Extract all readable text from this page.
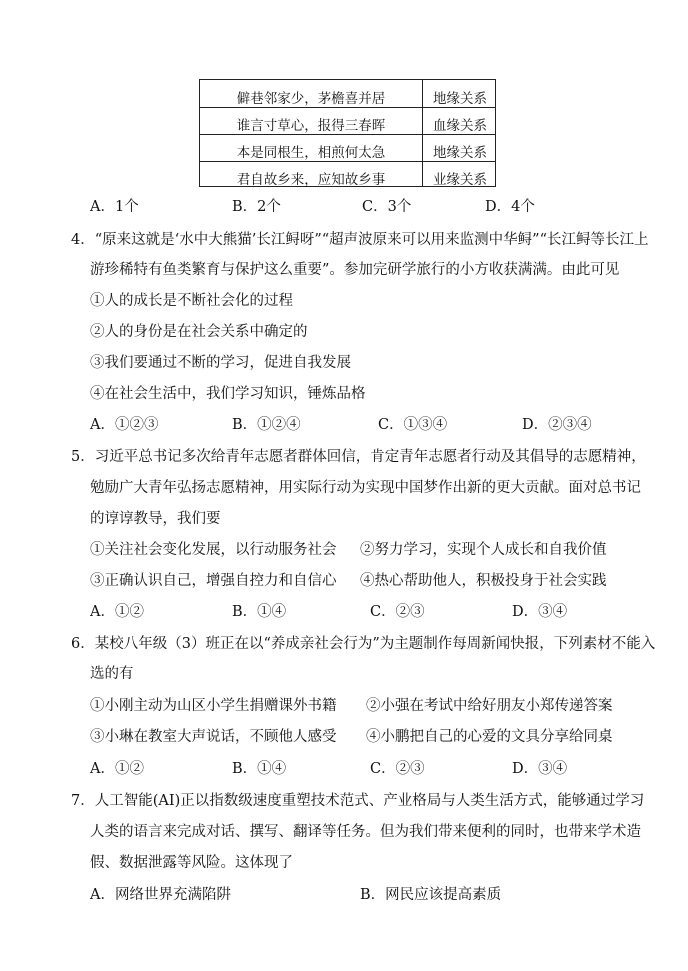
僻巷邻家少，茅檐喜并居	地缘关系
谁言寸草心，报得三春晖	血缘关系
本是同根生，相煎何太急	地缘关系
君自故乡来，应知故乡事	业缘关系
A．1个	B．2个	C．3个	D．4个
4．“原来这就是‘水中大熊猫’长江鲟呀”“超声波原来可以用来监测中华鲟”“长江鲟等长江上
游珍稀特有鱼类繁育与保护这么重要”。参加完研学旅行的小方收获满满。由此可见
①人的成长是不断社会化的过程
②人的身份是在社会关系中确定的
③我们要通过不断的学习，促进自我发展
④在社会生活中，我们学习知识，锤炼品格
A．①②③	B．①②④	C．①③④	D．②③④
5．习近平总书记多次给青年志愿者群体回信，肯定青年志愿者行动及其倡导的志愿精神，
勉励广大青年弘扬志愿精神，用实际行动为实现中国梦作出新的更大贡献。面对总书记
的谆谆教导，我们要
①关注社会变化发展，以行动服务社会 ②努力学习，实现个人成长和自我价值
③正确认识自己，增强自控力和自信心 ④热心帮助他人，积极投身于社会实践
A．①②	B．①④	C．②③	D．③④
6．某校八年级（3）班正在以“养成亲社会行为”为主题制作每周新闻快报，下列素材不能入
选的有
①小刚主动为山区小学生捐赠课外书籍 ②小强在考试中给好朋友小郑传递答案
③小琳在教室大声说话，不顾他人感受 ④小鹏把自己的心爱的文具分享给同桌
A．①②	B．①④	C．②③	D．③④
7．人工智能(AI)正以指数级速度重塑技术范式、产业格局与人类生活方式，能够通过学习
人类的语言来完成对话、撰写、翻译等任务。但为我们带来便利的同时，也带来学术造
假、数据泄露等风险。这体现了
A．网络世界充满陷阱	B．网民应该提高素质
